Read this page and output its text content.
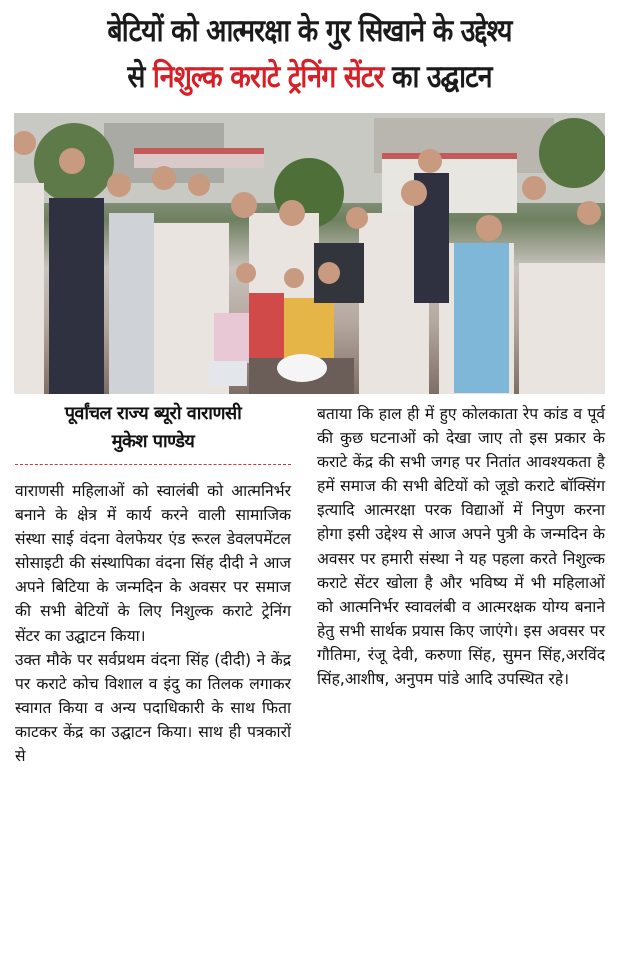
बेटियों को आत्मरक्षा के गुर सिखाने के उद्देश्य
से निशुल्क कराटे ट्रेनिंग सेंटर का उद्घाटन
पूर्वांचल राज्य ब्यूरो वाराणसी
मुकेश पाण्डेय

वाराणसी महिलाओं को स्वालंबी को आत्मनिर्भर बनाने के क्षेत्र में कार्य करने वाली सामाजिक संस्था साई वंदना वेलफेयर एंड रूरल डेवलपमेंटल सोसाइटी की संस्थापिका वंदना सिंह दीदी ने आज अपने बिटिया के जन्मदिन के अवसर पर समाज की सभी बेटियों के लिए निशुल्क कराटे ट्रेनिंग सेंटर का उद्घाटन किया।

उक्त मौके पर सर्वप्रथम वंदना सिंह (दीदी) ने केंद्र पर कराटे कोच विशाल व इंदु का तिलक लगाकर स्वागत किया व अन्य पदाधिकारी के साथ फिता काटकर केंद्र का उद्घाटन किया। साथ ही पत्रकारों से

बताया कि हाल ही में हुए कोलकाता रेप कांड व पूर्व की कुछ घटनाओं को देखा जाए तो इस प्रकार के कराटे केंद्र की सभी जगह पर नितांत आवश्यकता है हमें समाज की सभी बेटियों को जूडो कराटे बॉक्सिंग इत्यादि आत्मरक्षा परक विद्याओं में निपुण करना होगा इसी उद्देश्य से आज अपने पुत्री के जन्मदिन के अवसर पर हमारी संस्था ने यह पहला करते निशुल्क कराटे सेंटर खोला है और भविष्य में भी महिलाओं को आत्मनिर्भर स्वावलंबी व आत्मरक्षक योग्य बनाने हेतु सभी सार्थक प्रयास किए जाएंगे। इस अवसर पर गौतिमा, रंजू देवी, करुणा सिंह, सुमन सिंह,अरविंद सिंह,आशीष, अनुपम पांडे आदि उपस्थित रहे।
